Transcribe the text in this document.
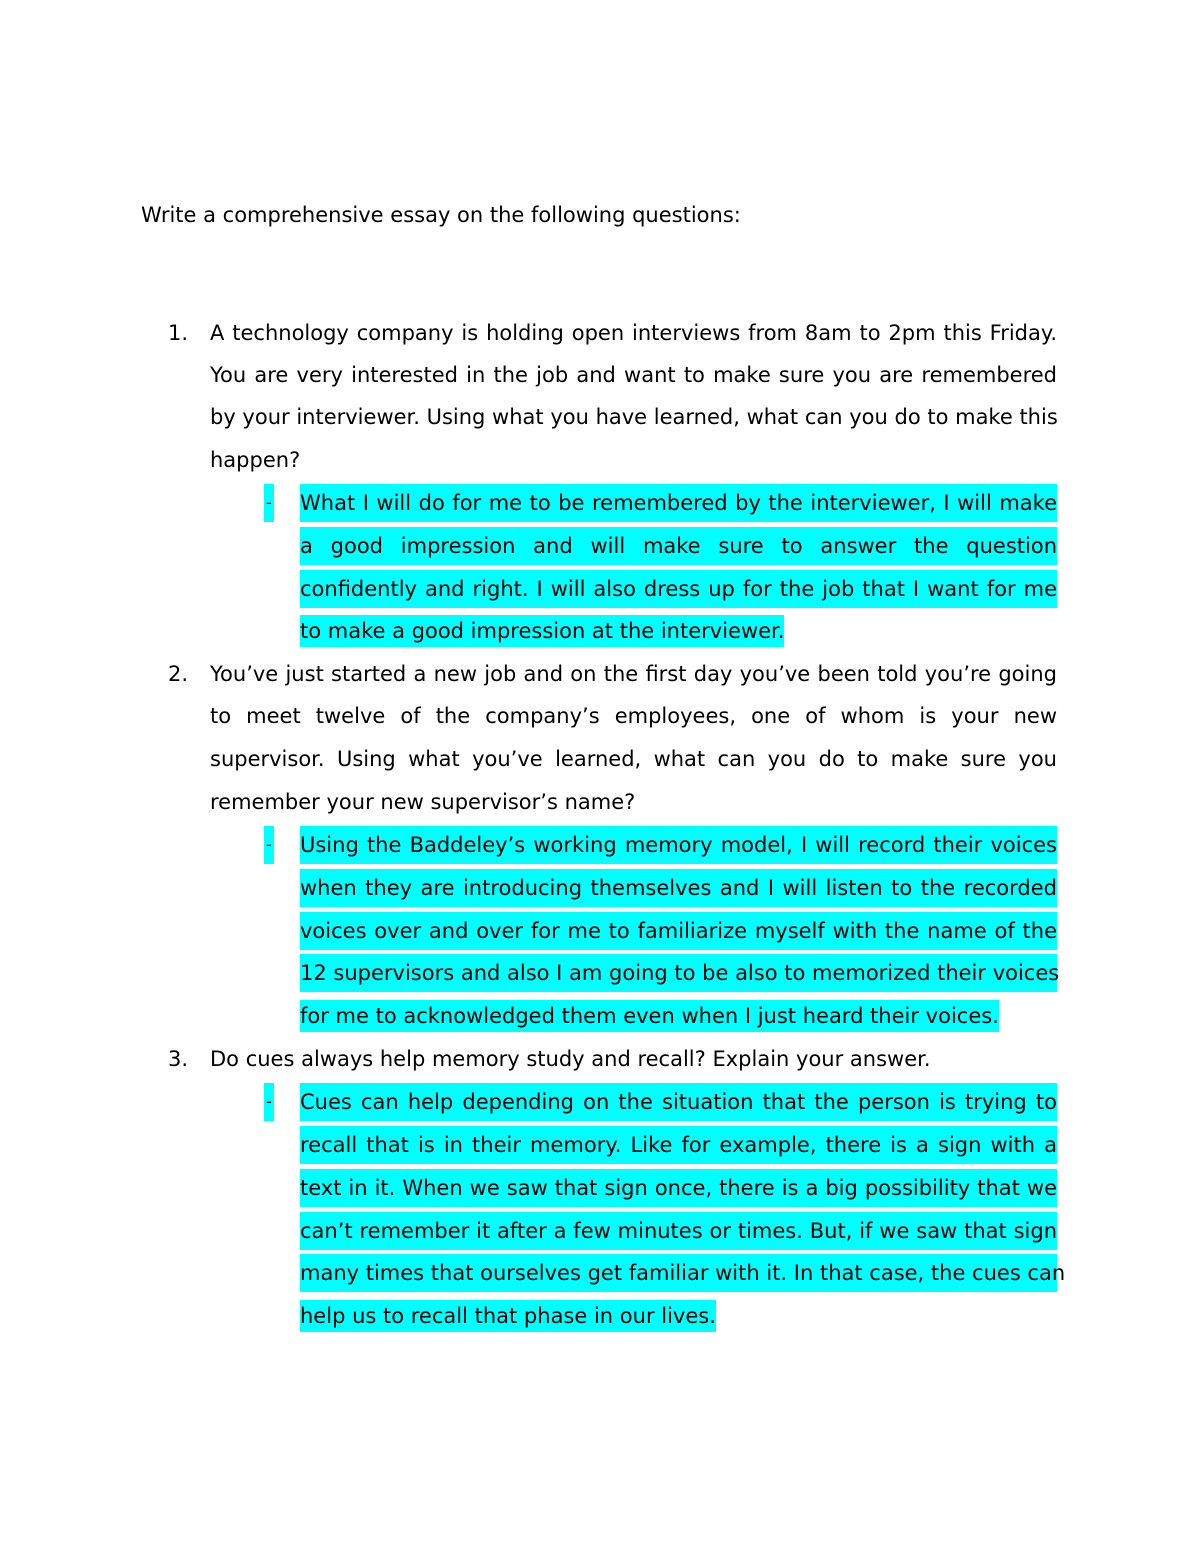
Write a comprehensive essay on the following questions:
1. A technology company is holding open interviews from 8am to 2pm this Friday.
You are very interested in the job and want to make sure you are remembered
by your interviewer. Using what you have learned, what can you do to make this
happen?
- What I will do for me to be remembered by the interviewer, I will make
a good impression and will make sure to answer the question
confidently and right. I will also dress up for the job that I want for me
to make a good impression at the interviewer.
2. You’ve just started a new job and on the first day you’ve been told you’re going
to meet twelve of the company’s employees, one of whom is your new
supervisor. Using what you’ve learned, what can you do to make sure you
remember your new supervisor’s name?
- Using the Baddeley’s working memory model, I will record their voices
when they are introducing themselves and I will listen to the recorded
voices over and over for me to familiarize myself with the name of the
12 supervisors and also I am going to be also to memorized their voices
for me to acknowledged them even when I just heard their voices.
3. Do cues always help memory study and recall? Explain your answer.
- Cues can help depending on the situation that the person is trying to
recall that is in their memory. Like for example, there is a sign with a
text in it. When we saw that sign once, there is a big possibility that we
can’t remember it after a few minutes or times. But, if we saw that sign
many times that ourselves get familiar with it. In that case, the cues can
help us to recall that phase in our lives.
